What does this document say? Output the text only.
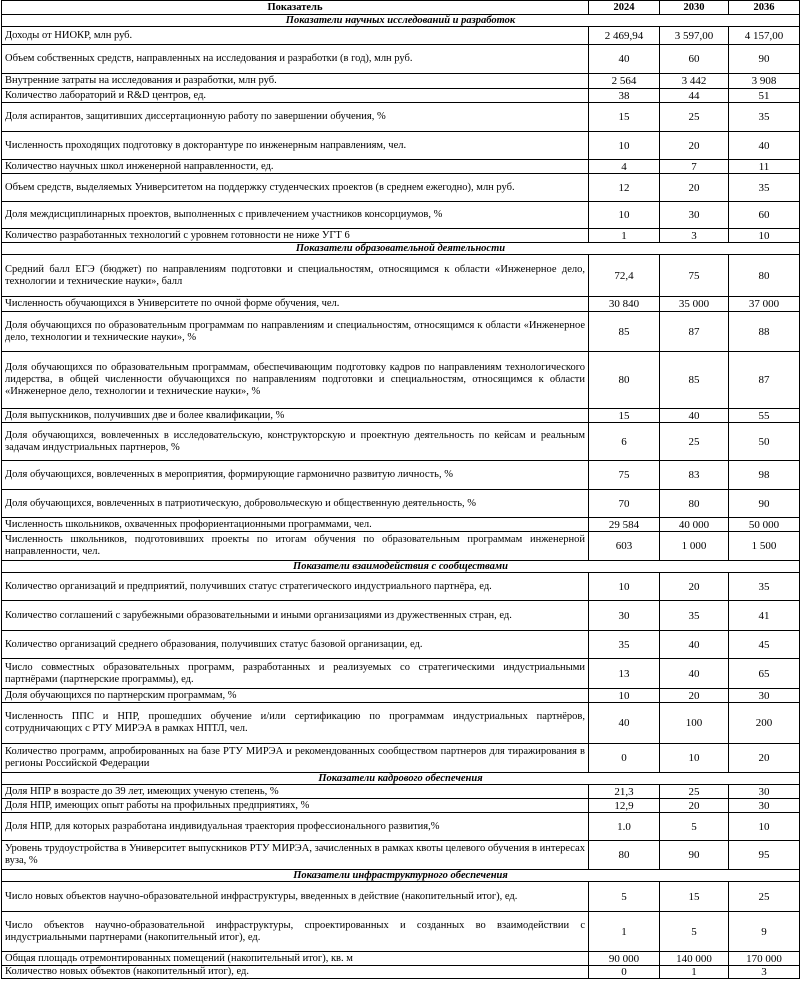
Показатель	2024	2030	2036
Показатели научных исследований и разработок			
Доходы от НИОКР, млн руб.	2 469,94	3 597,00	4 157,00
Объем собственных средств, направленных на исследования и разработки (в год), млн руб.	40	60	90
Внутренние затраты на исследования и разработки, млн руб.	2 564	3 442	3 908
Количество лабораторий и R&D центров, ед.	38	44	51
Доля аспирантов, защитивших диссертационную работу по завершении обучения, %	15	25	35
Численность проходящих подготовку в докторантуре по инженерным направлениям, чел.	10	20	40
Количество научных школ инженерной направленности, ед.	4	7	11
Объем средств, выделяемых Университетом на поддержку студенческих проектов (в среднем ежегодно), млн руб.	12	20	35
Доля междисциплинарных проектов, выполненных с привлечением участников консорциумов, %	10	30	60
Количество разработанных технологий с уровнем готовности не ниже УГТ 6	1	3	10
Показатели образовательной деятельности			
Средний балл ЕГЭ (бюджет) по направлениям подготовки и специальностям, относящимся к области «Инженерное дело, технологии и технические науки», балл	72,4	75	80
Численность обучающихся в Университете по очной форме обучения, чел.	30 840	35 000	37 000
Доля обучающихся по образовательным программам по направлениям и специальностям, относящимся к области «Инженерное дело, технологии и технические науки», %	85	87	88
Доля обучающихся по образовательным программам, обеспечивающим подготовку кадров по направлениям технологического лидерства, в общей численности обучающихся по направлениям подготовки и специальностям, относящимся к области «Инженерное дело, технологии и технические науки», %	80	85	87
Доля выпускников, получивших две и более квалификации, %	15	40	55
Доля обучающихся, вовлеченных в исследовательскую, конструкторскую и проектную деятельность по кейсам и реальным задачам индустриальных партнеров, %	6	25	50
Доля обучающихся, вовлеченных в мероприятия, формирующие гармонично развитую личность, %	75	83	98
Доля обучающихся, вовлеченных в патриотическую, добровольческую и общественную деятельность, %	70	80	90
Численность школьников, охваченных профориентационными программами, чел.	29 584	40 000	50 000
Численность школьников, подготовивших проекты по итогам обучения по образовательным программам инженерной направленности, чел.	603	1 000	1 500
Показатели взаимодействия с сообществами			
Количество организаций и предприятий, получивших статус стратегического индустриального партнёра, ед.	10	20	35
Количество соглашений с зарубежными образовательными и иными организациями из дружественных стран, ед.	30	35	41
Количество организаций среднего образования, получивших статус базовой организации, ед.	35	40	45
Число совместных образовательных программ, разработанных и реализуемых со стратегическими индустриальными партнёрами (партнерские программы), ед.	13	40	65
Доля обучающихся по партнерским программам, %	10	20	30
Численность ППС и НПР, прошедших обучение и/или сертификацию по программам индустриальных партнёров, сотрудничающих с РТУ МИРЭА в рамках НПТЛ, чел.	40	100	200
Количество программ, апробированных на базе РТУ МИРЭА и рекомендованных сообществом партнеров для тиражирования в регионы Российской Федерации	0	10	20
Показатели кадрового обеспечения			
Доля НПР в возрасте до 39 лет, имеющих ученую степень, %	21,3	25	30
Доля НПР, имеющих опыт работы на профильных предприятиях, %	12,9	20	30
Доля НПР, для которых разработана индивидуальная траектория профессионального развития,%	1.0	5	10
Уровень трудоустройства в Университет выпускников РТУ МИРЭА, зачисленных в рамках квоты целевого обучения в интересах вуза, %	80	90	95
Показатели инфраструктурного обеспечения			
Число новых объектов научно-образовательной инфраструктуры, введенных в действие (накопительный итог), ед.	5	15	25
Число объектов научно-образовательной инфраструктуры, спроектированных и созданных во взаимодействии с индустриальными партнерами (накопительный итог), ед.	1	5	9
Общая площадь отремонтированных помещений (накопительный итог), кв. м	90 000	140 000	170 000
Количество новых объектов (накопительный итог), ед.	0	1	3
